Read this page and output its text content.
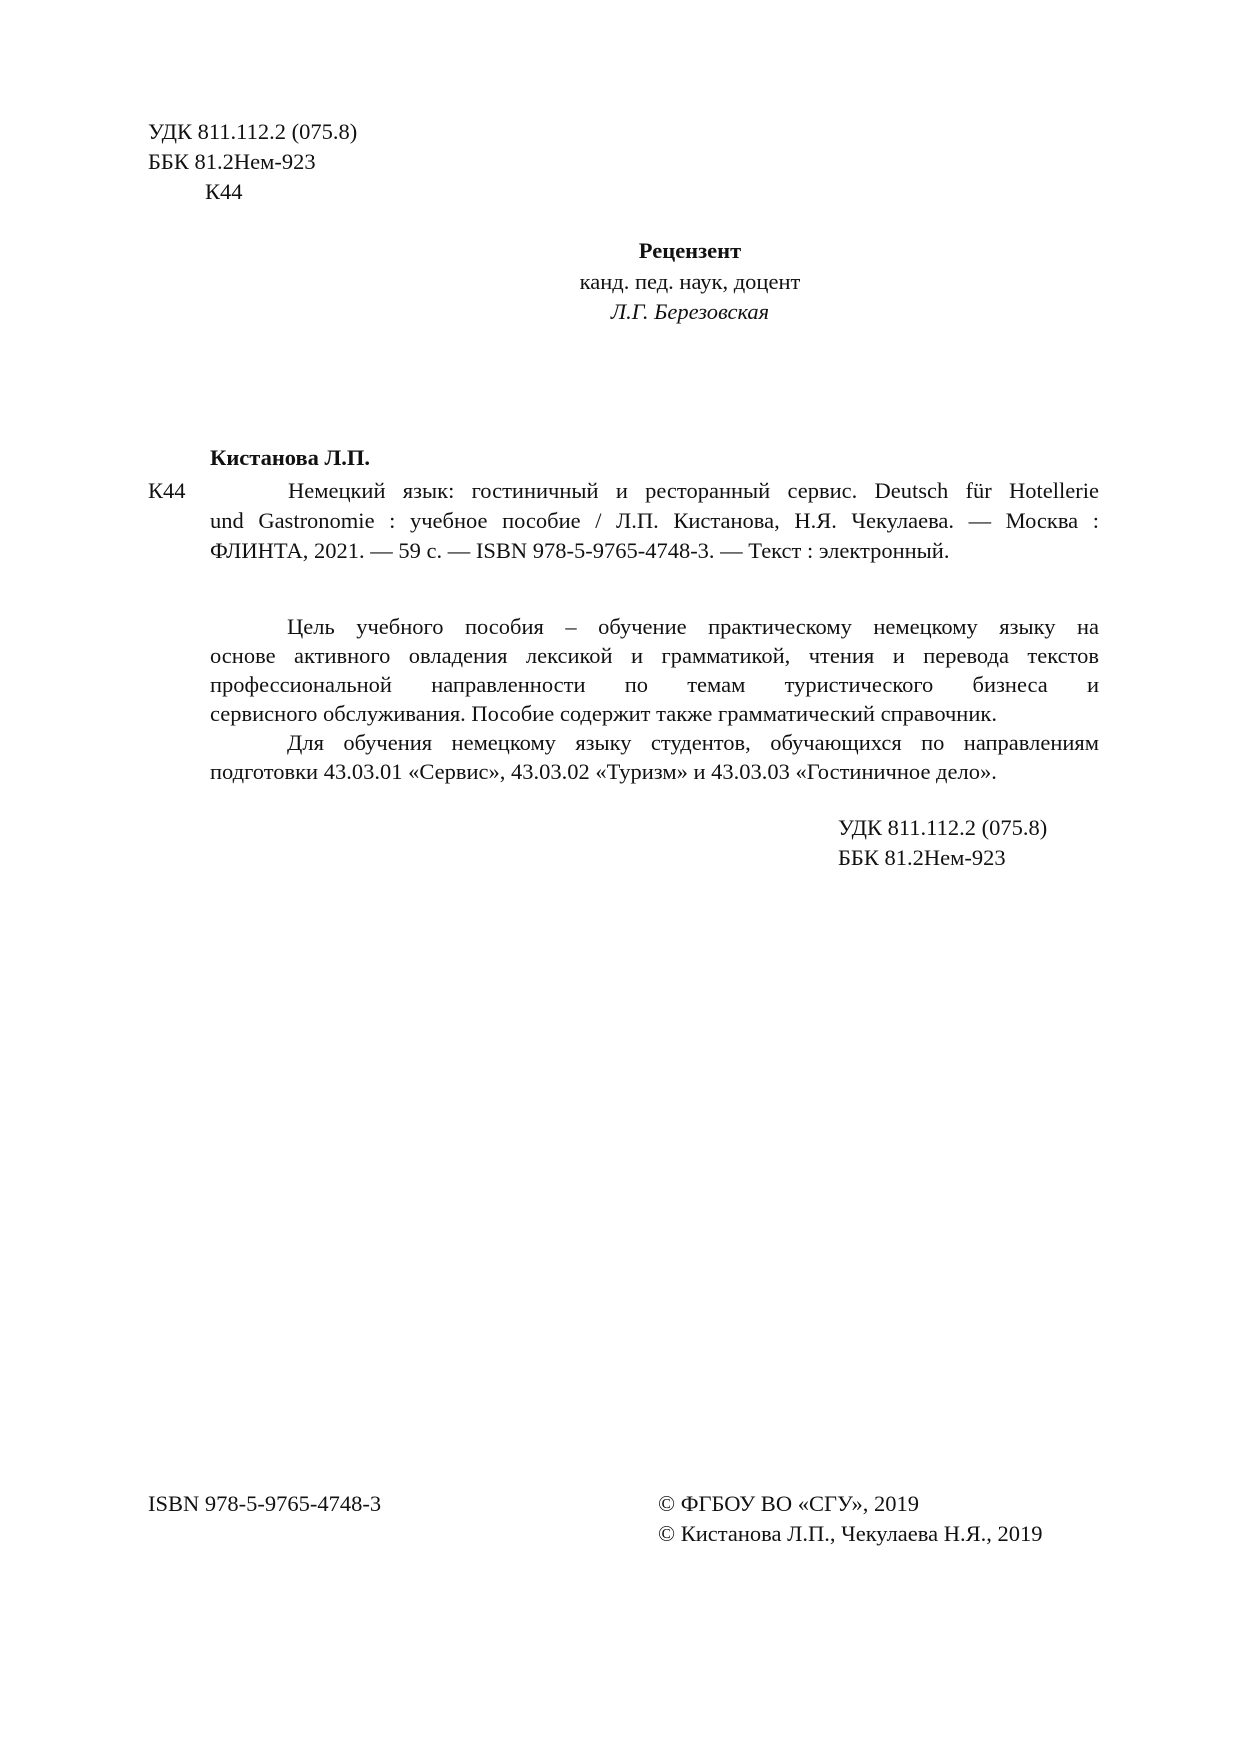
УДК 811.112.2 (075.8)

ББК 81.2Нем-923

К44

Рецензент

канд. пед. наук, доцент

Л.Г. Березовская

Кистанова Л.П.

К44	Немецкий язык: гостиничный и ресторанный сервис. Deutsch für Hotellerie

und Gastronomie : учебное пособие / Л.П. Кистанова, Н.Я. Чекулаева. — Москва :

ФЛИНТА, 2021. — 59 с. — ISBN 978-5-9765-4748-3. — Текст : электронный.

Цель учебного пособия – обучение практическому немецкому языку на

основе активного овладения лексикой и грамматикой, чтения и перевода текстов

профессиональной направленности по темам туристического бизнеса и

сервисного обслуживания. Пособие содержит также грамматический справочник.

Для обучения немецкому языку студентов, обучающихся по направлениям

подготовки 43.03.01 «Сервис», 43.03.02 «Туризм» и 43.03.03 «Гостиничное дело».

УДК 811.112.2 (075.8)

ББК 81.2Нем-923

ISBN 978-5-9765-4748-3	© ФГБОУ ВО «СГУ», 2019

© Кистанова Л.П., Чекулаева Н.Я., 2019
